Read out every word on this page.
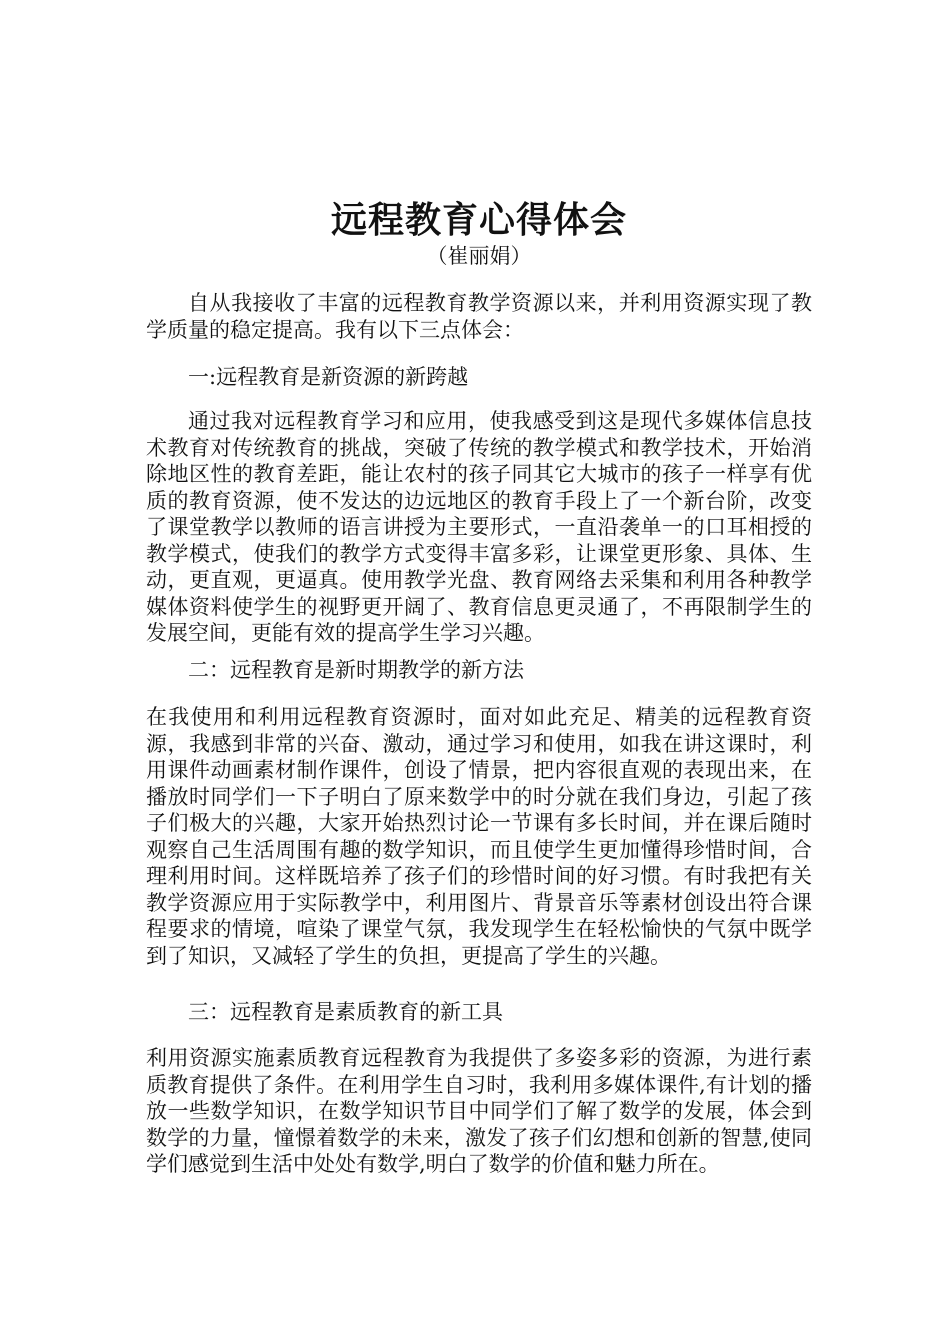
远程教育心得体会
（崔丽娟）

自从我接收了丰富的远程教育教学资源以来，并利用资源实现了教学质量的稳定提高。我有以下三点体会：

一:远程教育是新资源的新跨越

通过我对远程教育学习和应用，使我感受到这是现代多媒体信息技术教育对传统教育的挑战，突破了传统的教学模式和教学技术，开始消除地区性的教育差距，能让农村的孩子同其它大城市的孩子一样享有优质的教育资源，使不发达的边远地区的教育手段上了一个新台阶，改变了课堂教学以教师的语言讲授为主要形式，一直沿袭单一的口耳相授的教学模式，使我们的教学方式变得丰富多彩，让课堂更形象、具体、生动，更直观，更逼真。使用教学光盘、教育网络去采集和利用各种教学媒体资料使学生的视野更开阔了、教育信息更灵通了，不再限制学生的发展空间，更能有效的提高学生学习兴趣。

二：远程教育是新时期教学的新方法

在我使用和利用远程教育资源时，面对如此充足、精美的远程教育资源，我感到非常的兴奋、激动，通过学习和使用，如我在讲这课时，利用课件动画素材制作课件，创设了情景，把内容很直观的表现出来，在播放时同学们一下子明白了原来数学中的时分就在我们身边，引起了孩子们极大的兴趣，大家开始热烈讨论一节课有多长时间，并在课后随时观察自己生活周围有趣的数学知识，而且使学生更加懂得珍惜时间，合理利用时间。这样既培养了孩子们的珍惜时间的好习惯。有时我把有关教学资源应用于实际教学中，利用图片、背景音乐等素材创设出符合课程要求的情境，喧染了课堂气氛，我发现学生在轻松愉快的气氛中既学到了知识，又减轻了学生的负担，更提高了学生的兴趣。

三：远程教育是素质教育的新工具

利用资源实施素质教育远程教育为我提供了多姿多彩的资源，为进行素质教育提供了条件。在利用学生自习时，我利用多媒体课件,有计划的播放一些数学知识，在数学知识节目中同学们了解了数学的发展，体会到数学的力量，憧憬着数学的未来，激发了孩子们幻想和创新的智慧,使同学们感觉到生活中处处有数学,明白了数学的价值和魅力所在。
